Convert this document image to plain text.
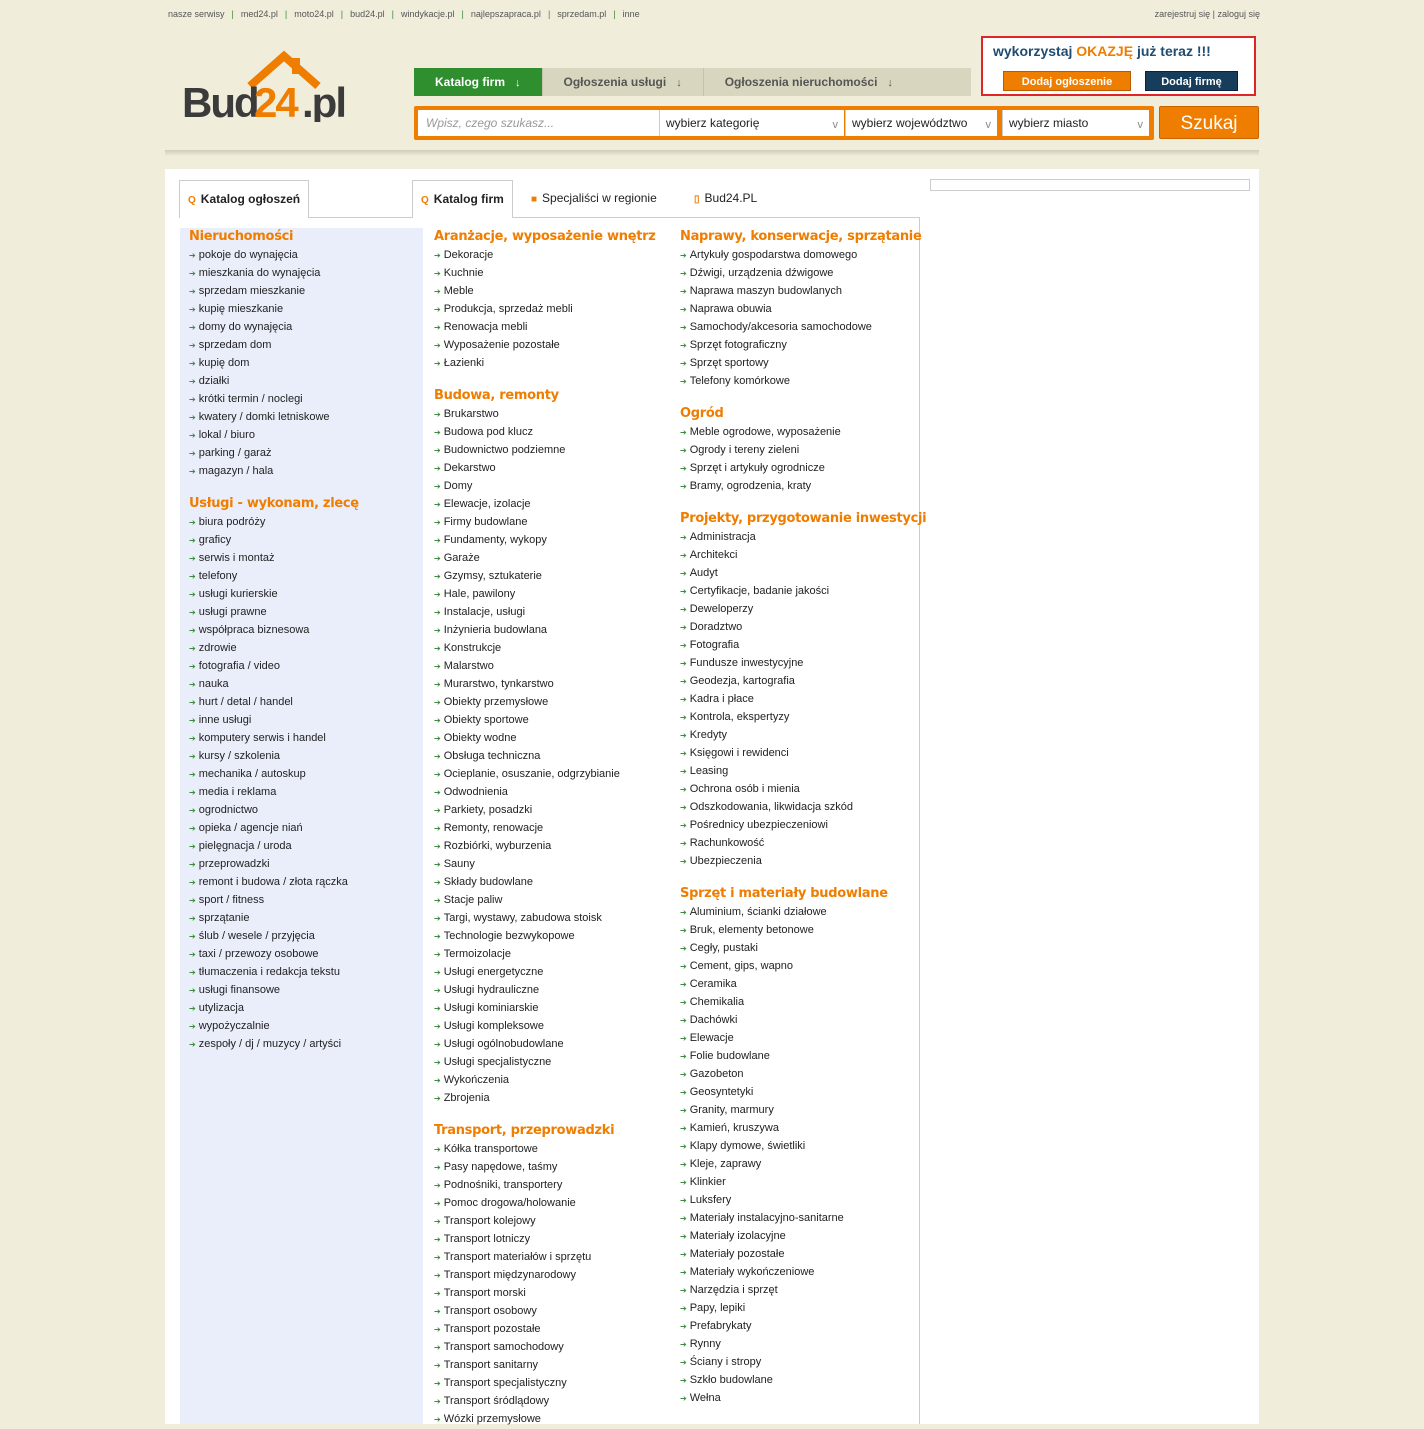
nasze serwisy | med24.pl | moto24.pl | bud24.pl | windykacje.pl | najlepszapraca.pl | sprzedam.pl | inne	zarejestruj się | zaloguj się
Bud
24 .pl
wykorzystaj OKAZJĘ już teraz !!!
Dodaj ogłoszenie	Dodaj firmę
Katalog firm ↓	Ogłoszenia usługi ↓	Ogłoszenia nieruchomości ↓
Wpisz, czego szukasz...	wybierz kategorię	v	wybierz województwo v	wybierz miasto	v	Szukaj
Q Katalog ogłoszeń	Q Katalog firm	■ Specjaliści w regionie	▯ Bud24.PL
Nieruchomości
➔ pokoje do wynajęcia
➔ mieszkania do wynajęcia
➔ sprzedam mieszkanie
➔ kupię mieszkanie
➔ domy do wynajęcia
➔ sprzedam dom
➔ kupię dom
➔ działki
➔ krótki termin / noclegi
➔ kwatery / domki letniskowe
➔ lokal / biuro
➔ parking / garaż
➔ magazyn / hala
Usługi - wykonam, zlecę
➔ biura podróży
➔ graficy
➔ serwis i montaż
➔ telefony
➔ usługi kurierskie
➔ usługi prawne
➔ współpraca biznesowa
➔ zdrowie
➔ fotografia / video
➔ nauka
➔ hurt / detal / handel
➔ inne usługi
➔ komputery serwis i handel
➔ kursy / szkolenia
➔ mechanika / autoskup
➔ media i reklama
➔ ogrodnictwo
➔ opieka / agencje niań
➔ pielęgnacja / uroda
➔ przeprowadzki
➔ remont i budowa / złota rączka
➔ sport / fitness
➔ sprzątanie
➔ ślub / wesele / przyjęcia
➔ taxi / przewozy osobowe
➔ tłumaczenia i redakcja tekstu
➔ usługi finansowe
➔ utylizacja
➔ wypożyczalnie
➔ zespoły / dj / muzycy / artyści
Aranżacje, wyposażenie wnętrz
➔ Dekoracje
➔ Kuchnie
➔ Meble
➔ Produkcja, sprzedaż mebli
➔ Renowacja mebli
➔ Wyposażenie pozostałe
➔ Łazienki
Budowa, remonty
➔ Brukarstwo
➔ Budowa pod klucz
➔ Budownictwo podziemne
➔ Dekarstwo
➔ Domy
➔ Elewacje, izolacje
➔ Firmy budowlane
➔ Fundamenty, wykopy
➔ Garaże
➔ Gzymsy, sztukaterie
➔ Hale, pawilony
➔ Instalacje, usługi
➔ Inżynieria budowlana
➔ Konstrukcje
➔ Malarstwo
➔ Murarstwo, tynkarstwo
➔ Obiekty przemysłowe
➔ Obiekty sportowe
➔ Obiekty wodne
➔ Obsługa techniczna
➔ Ocieplanie, osuszanie, odgrzybianie
➔ Odwodnienia
➔ Parkiety, posadzki
➔ Remonty, renowacje
➔ Rozbiórki, wyburzenia
➔ Sauny
➔ Składy budowlane
➔ Stacje paliw
➔ Targi, wystawy, zabudowa stoisk
➔ Technologie bezwykopowe
➔ Termoizolacje
➔ Usługi energetyczne
➔ Usługi hydrauliczne
➔ Usługi kominiarskie
➔ Usługi kompleksowe
➔ Usługi ogólnobudowlane
➔ Usługi specjalistyczne
➔ Wykończenia
➔ Zbrojenia
Transport, przeprowadzki
➔ Kółka transportowe
➔ Pasy napędowe, taśmy
➔ Podnośniki, transportery
➔ Pomoc drogowa/holowanie
➔ Transport kolejowy
➔ Transport lotniczy
➔ Transport materiałów i sprzętu
➔ Transport międzynarodowy
➔ Transport morski
➔ Transport osobowy
➔ Transport pozostałe
➔ Transport samochodowy
➔ Transport sanitarny
➔ Transport specjalistyczny
➔ Transport śródlądowy
➔ Wózki przemysłowe
Naprawy, konserwacje, sprzątanie
➔ Artykuły gospodarstwa domowego
➔ Dźwigi, urządzenia dźwigowe
➔ Naprawa maszyn budowlanych
➔ Naprawa obuwia
➔ Samochody/akcesoria samochodowe
➔ Sprzęt fotograficzny
➔ Sprzęt sportowy
➔ Telefony komórkowe
Ogród
➔ Meble ogrodowe, wyposażenie
➔ Ogrody i tereny zieleni
➔ Sprzęt i artykuły ogrodnicze
➔ Bramy, ogrodzenia, kraty
Projekty, przygotowanie inwestycji
➔ Administracja
➔ Architekci
➔ Audyt
➔ Certyfikacje, badanie jakości
➔ Deweloperzy
➔ Doradztwo
➔ Fotografia
➔ Fundusze inwestycyjne
➔ Geodezja, kartografia
➔ Kadra i płace
➔ Kontrola, ekspertyzy
➔ Kredyty
➔ Księgowi i rewidenci
➔ Leasing
➔ Ochrona osób i mienia
➔ Odszkodowania, likwidacja szkód
➔ Pośrednicy ubezpieczeniowi
➔ Rachunkowość
➔ Ubezpieczenia
Sprzęt i materiały budowlane
➔ Aluminium, ścianki działowe
➔ Bruk, elementy betonowe
➔ Cegły, pustaki
➔ Cement, gips, wapno
➔ Ceramika
➔ Chemikalia
➔ Dachówki
➔ Elewacje
➔ Folie budowlane
➔ Gazobeton
➔ Geosyntetyki
➔ Granity, marmury
➔ Kamień, kruszywa
➔ Klapy dymowe, świetliki
➔ Kleje, zaprawy
➔ Klinkier
➔ Luksfery
➔ Materiały instalacyjno-sanitarne
➔ Materiały izolacyjne
➔ Materiały pozostałe
➔ Materiały wykończeniowe
➔ Narzędzia i sprzęt
➔ Papy, lepiki
➔ Prefabrykaty
➔ Rynny
➔ Ściany i stropy
➔ Szkło budowlane
➔ Wełna
